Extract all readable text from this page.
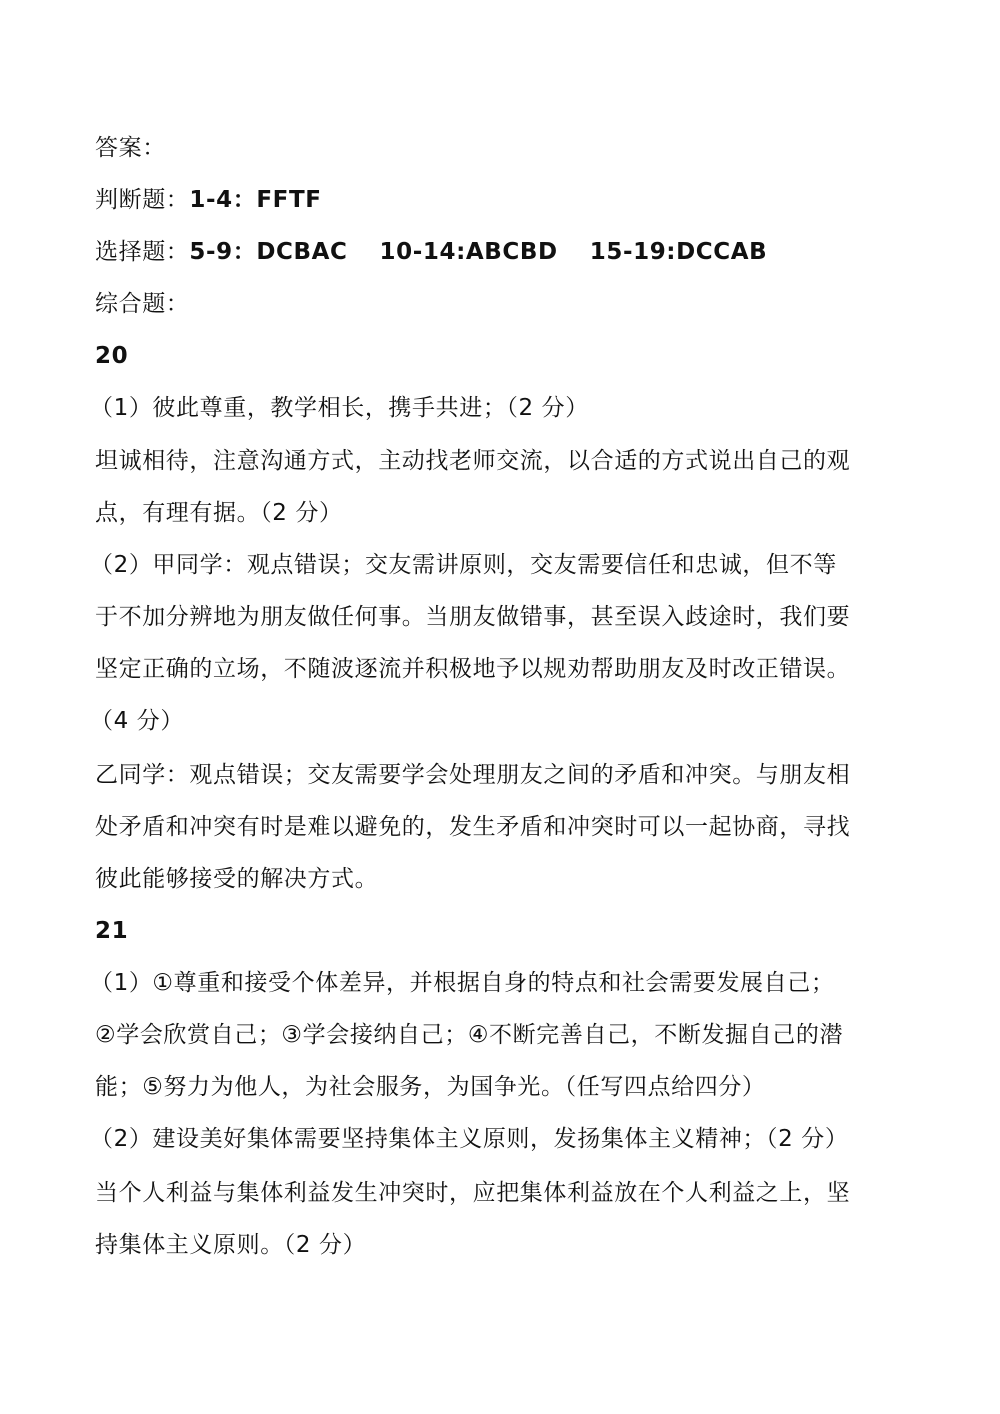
答案：
判断题：1-4：FFTF
选择题：5-9：DCBAC 10-14:ABCBD 15-19:DCCAB
综合题：
20
（1）彼此尊重，教学相长，携手共进；（2 分）
坦诚相待，注意沟通方式，主动找老师交流，以合适的方式说出自己的观
点，有理有据。（2 分）
（2）甲同学：观点错误；交友需讲原则，交友需要信任和忠诚，但不等
于不加分辨地为朋友做任何事。当朋友做错事，甚至误入歧途时，我们要
坚定正确的立场，不随波逐流并积极地予以规劝帮助朋友及时改正错误。
（4 分）
乙同学：观点错误；交友需要学会处理朋友之间的矛盾和冲突。与朋友相
处矛盾和冲突有时是难以避免的，发生矛盾和冲突时可以一起协商，寻找
彼此能够接受的解决方式。
21
（1）①尊重和接受个体差异，并根据自身的特点和社会需要发展自己；
②学会欣赏自己；③学会接纳自己；④不断完善自己，不断发掘自己的潜
能；⑤努力为他人，为社会服务，为国争光。（任写四点给四分）
（2）建设美好集体需要坚持集体主义原则，发扬集体主义精神；（2 分）
当个人利益与集体利益发生冲突时，应把集体利益放在个人利益之上，坚
持集体主义原则。（2 分）
